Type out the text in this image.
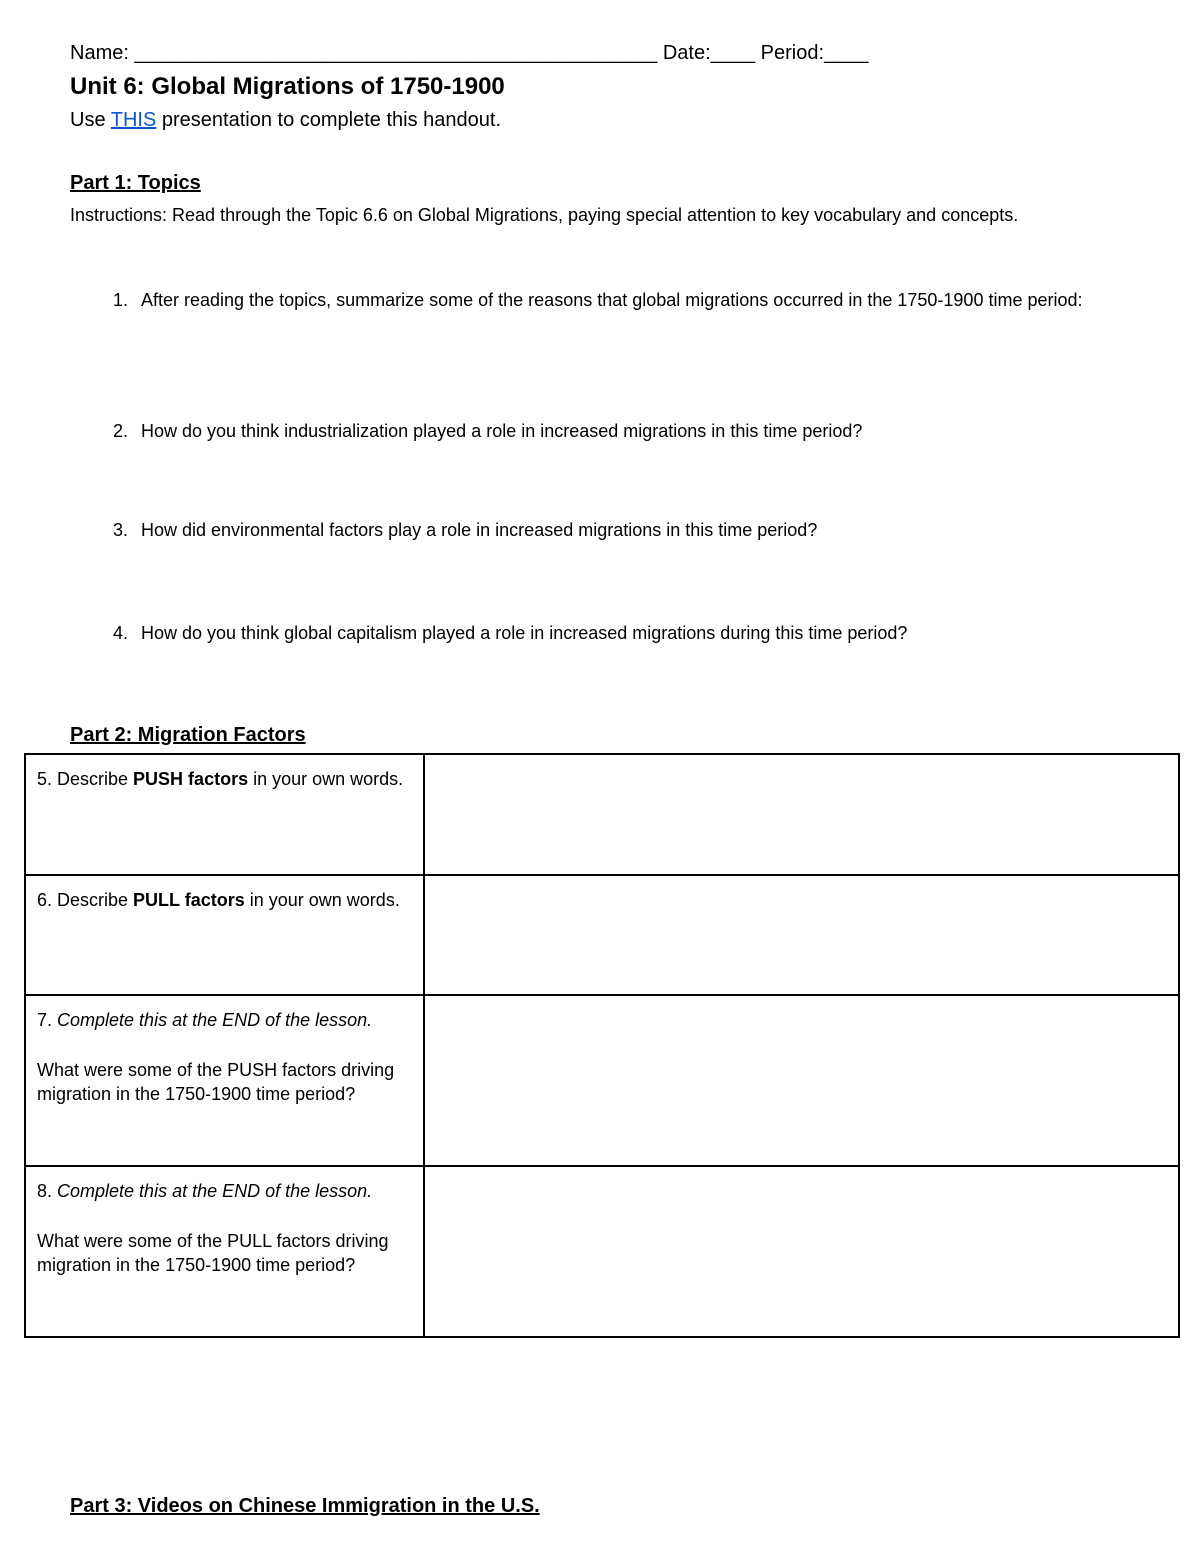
Name: _______________________________________________ Date:____ Period:____
Unit 6: Global Migrations of 1750-1900
Use THIS presentation to complete this handout.
Part 1: Topics
Instructions: Read through the Topic 6.6 on Global Migrations, paying special attention to key vocabulary and concepts.
1. After reading the topics, summarize some of the reasons that global migrations occurred in the 1750-1900 time period:
2. How do you think industrialization played a role in increased migrations in this time period?
3. How did environmental factors play a role in increased migrations in this time period?
4. How do you think global capitalism played a role in increased migrations during this time period?
Part 2: Migration Factors
5. Describe PUSH factors in your own words.	
6. Describe PULL factors in your own words.	
7. Complete this at the END of the lesson.
What were some of the PUSH factors driving migration in the 1750-1900 time period?	

8. Complete this at the END of the lesson.
What were some of the PULL factors driving migration in the 1750-1900 time period?	

Part 3: Videos on Chinese Immigration in the U.S.
